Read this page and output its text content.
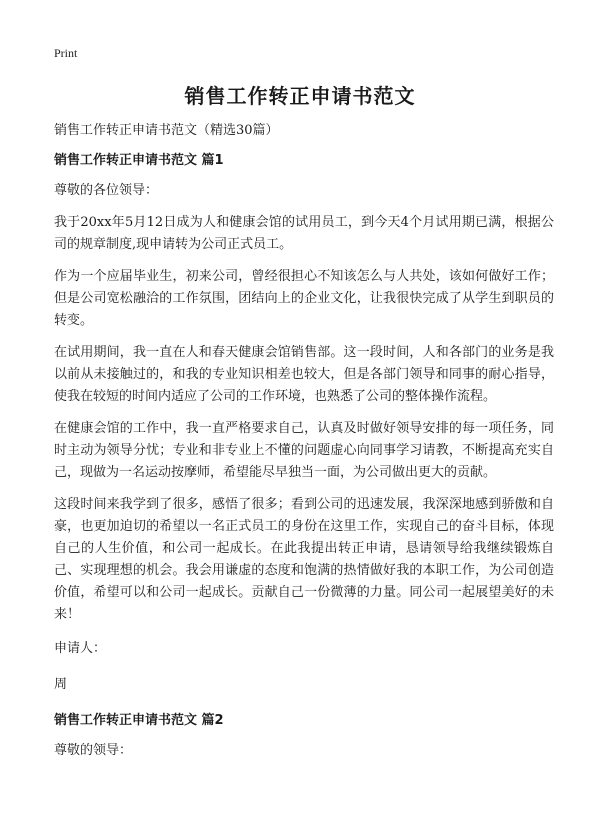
Print
销售工作转正申请书范文
销售工作转正申请书范文（精选30篇）
销售工作转正申请书范文 篇1
尊敬的各位领导：
我于20xx年5月12日成为人和健康会馆的试用员工，到今天4个月试用期已满，根据公司的规章制度,现申请转为公司正式员工。
作为一个应届毕业生，初来公司，曾经很担心不知该怎么与人共处，该如何做好工作；但是公司宽松融洽的工作氛围，团结向上的企业文化，让我很快完成了从学生到职员的转变。
在试用期间，我一直在人和春天健康会馆销售部。这一段时间，人和各部门的业务是我以前从未接触过的，和我的专业知识相差也较大，但是各部门领导和同事的耐心指导，使我在较短的时间内适应了公司的工作环境，也熟悉了公司的整体操作流程。
在健康会馆的工作中，我一直严格要求自己，认真及时做好领导安排的每一项任务，同时主动为领导分忧；专业和非专业上不懂的问题虚心向同事学习请教，不断提高充实自己，现做为一名运动按摩师，希望能尽早独当一面，为公司做出更大的贡献。
这段时间来我学到了很多，感悟了很多；看到公司的迅速发展，我深深地感到骄傲和自豪，也更加迫切的希望以一名正式员工的身份在这里工作，实现自己的奋斗目标，体现自己的人生价值，和公司一起成长。在此我提出转正申请，恳请领导给我继续锻炼自己、实现理想的机会。我会用谦虚的态度和饱满的热情做好我的本职工作，为公司创造价值，希望可以和公司一起成长。贡献自己一份微薄的力量。同公司一起展望美好的未来！
申请人：
周
销售工作转正申请书范文 篇2
尊敬的领导：
